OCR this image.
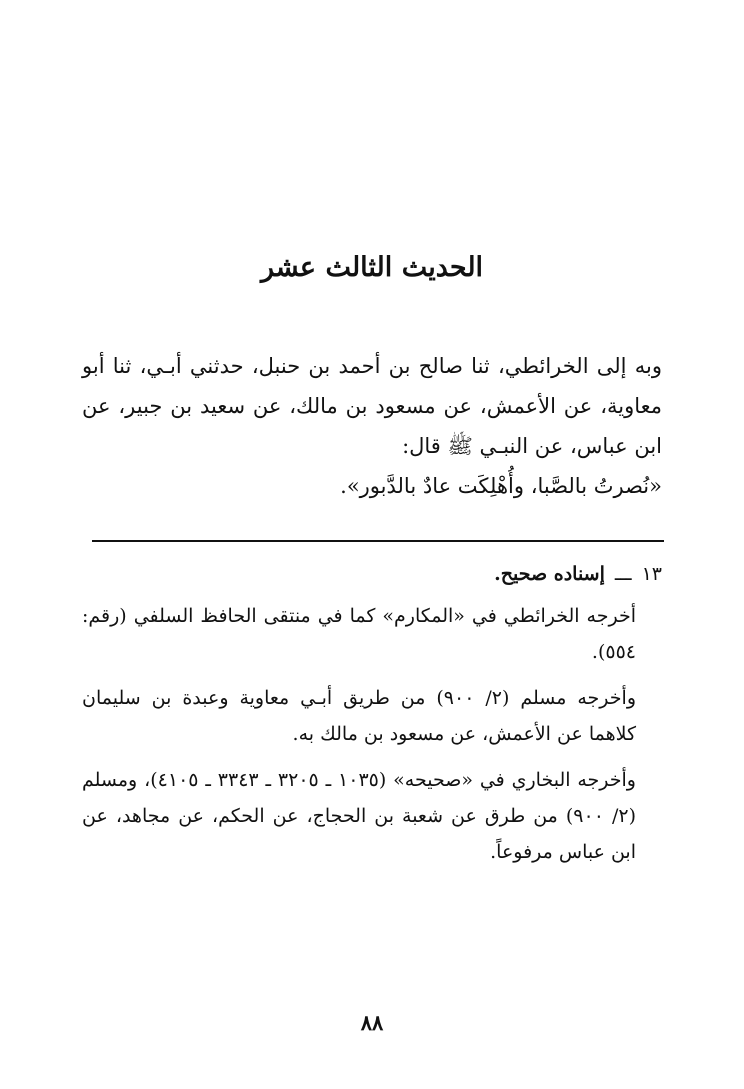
الحديث الثالث عشر

وبه إلى الخرائطي، ثنا صالح بن أحمد بن حنبل، حدثني أبـي، ثنا أبو معاوية، عن الأعمش، عن مسعود بن مالك، عن سعيد بن جبير، عن ابن عباس، عن النبـي ﷺ قال:

«نُصرتُ بالصَّبا، وأُهْلِكَت عادٌ بالدَّبور».

١٣
ـــ
إسناده صحيح.

أخرجه الخرائطي في «المكارم» كما في منتقى الحافظ السلفي (رقم: ٥٥٤).

وأخرجه مسلم (٢/ ٩٠٠) من طريق أبـي معاوية وعبدة بن سليمان كلاهما عن الأعمش، عن مسعود بن مالك به.

وأخرجه البخاري في «صحيحه» (١٠٣٥ ـ ٣٢٠٥ ـ ٣٣٤٣ ـ ٤١٠٥)، ومسلم (٢/ ٩٠٠) من طرق عن شعبة بن الحجاج، عن الحكم، عن مجاهد، عن ابن عباس مرفوعاً.

٨٨
